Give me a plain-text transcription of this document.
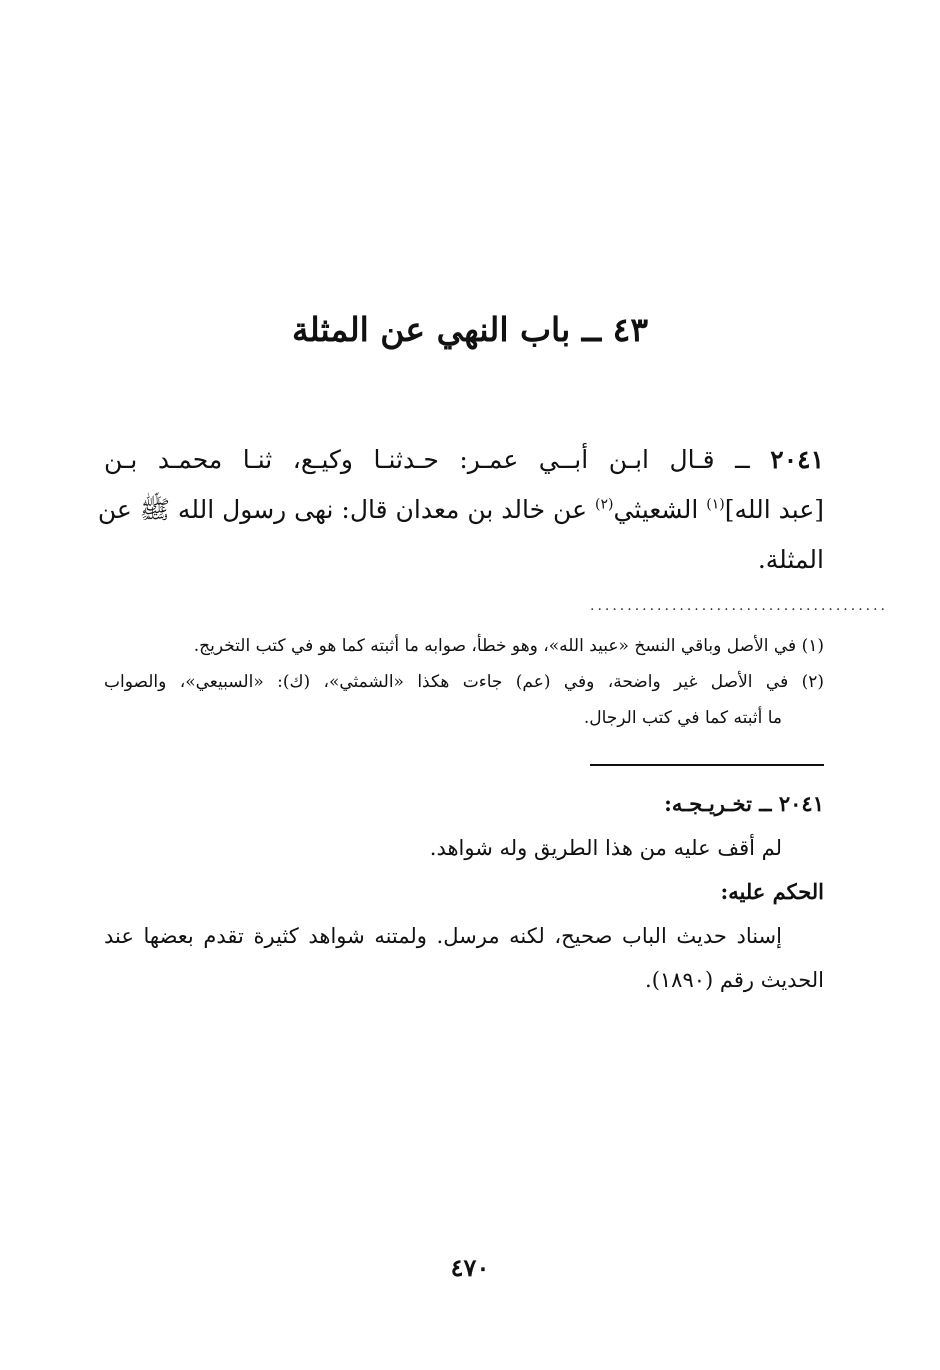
٤٣ ــ باب النهي عن المثلة
٢٠٤١ ــ قـال ابـن أبــي عمـر: حـدثنـا وكيـع، ثنـا محمـد بـن
[عبد الله]$^{(١)}$ الشعيثي$^{(٢)}$ عن خالد بن معدان قال: نهى رسول الله ﷺ عن
المثلة.
........................................
(١) في الأصل وباقي النسخ «عبيد الله»، وهو خطأ، صوابه ما أثبته كما هو في كتب التخريج.
(٢) في الأصل غير واضحة، وفي (عم) جاءت هكذا «الشمثي»، (ك): «السبيعي»، والصواب
ما أثبته كما في كتب الرجال.
٢٠٤١ ــ تخـريـجـه:
لم أقف عليه من هذا الطريق وله شواهد.
الحكم عليه:
إسناد حديث الباب صحيح، لكنه مرسل. ولمتنه شواهد كثيرة تقدم بعضها عند
الحديث رقم (١٨٩٠).
٤٧٠
